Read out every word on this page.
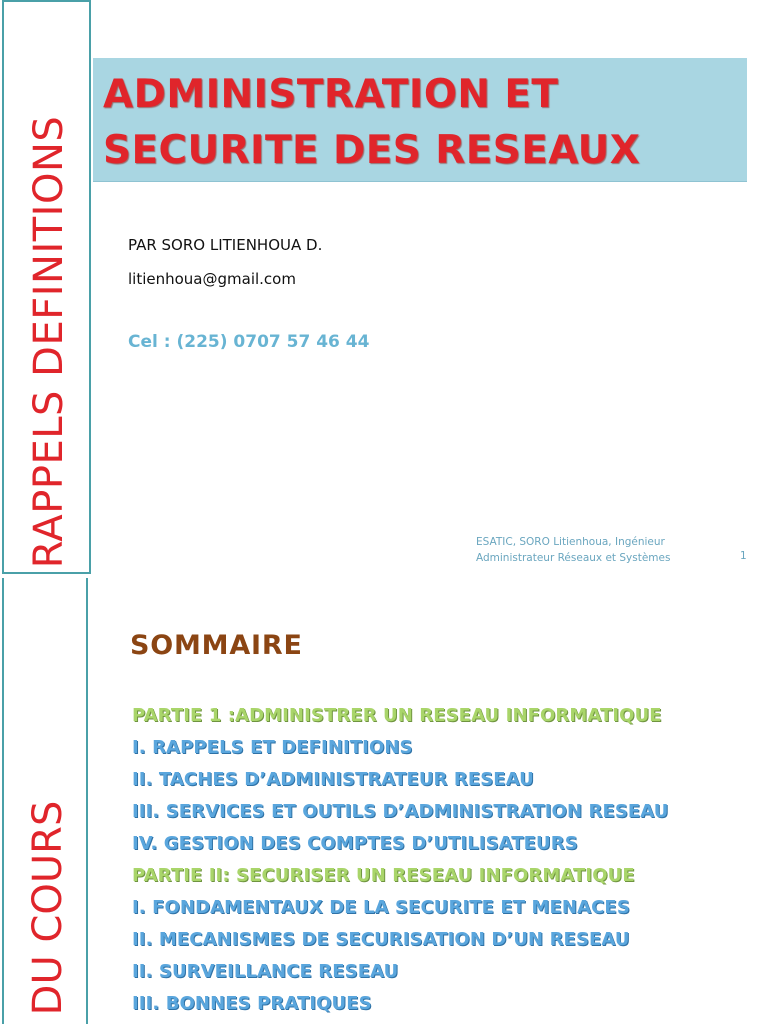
RAPPELS DEFINITIONS
ADMINISTRATION ET
SECURITE DES RESEAUX
PAR SORO LITIENHOUA D.
litienhoua@gmail.com
Cel : (225) 0707 57 46 44
ESATIC, SORO Litienhoua, Ingénieur
Administrateur Réseaux et Systèmes	1
DU COURS
SOMMAIRE
PARTIE 1 :ADMINISTRER UN RESEAU INFORMATIQUE
I. RAPPELS ET DEFINITIONS
II. TACHES D’ADMINISTRATEUR RESEAU
III. SERVICES ET OUTILS D’ADMINISTRATION RESEAU
IV. GESTION DES COMPTES D’UTILISATEURS
PARTIE II: SECURISER UN RESEAU INFORMATIQUE
I. FONDAMENTAUX DE LA SECURITE ET MENACES
II. MECANISMES DE SECURISATION D’UN RESEAU
II. SURVEILLANCE RESEAU
III. BONNES PRATIQUES
